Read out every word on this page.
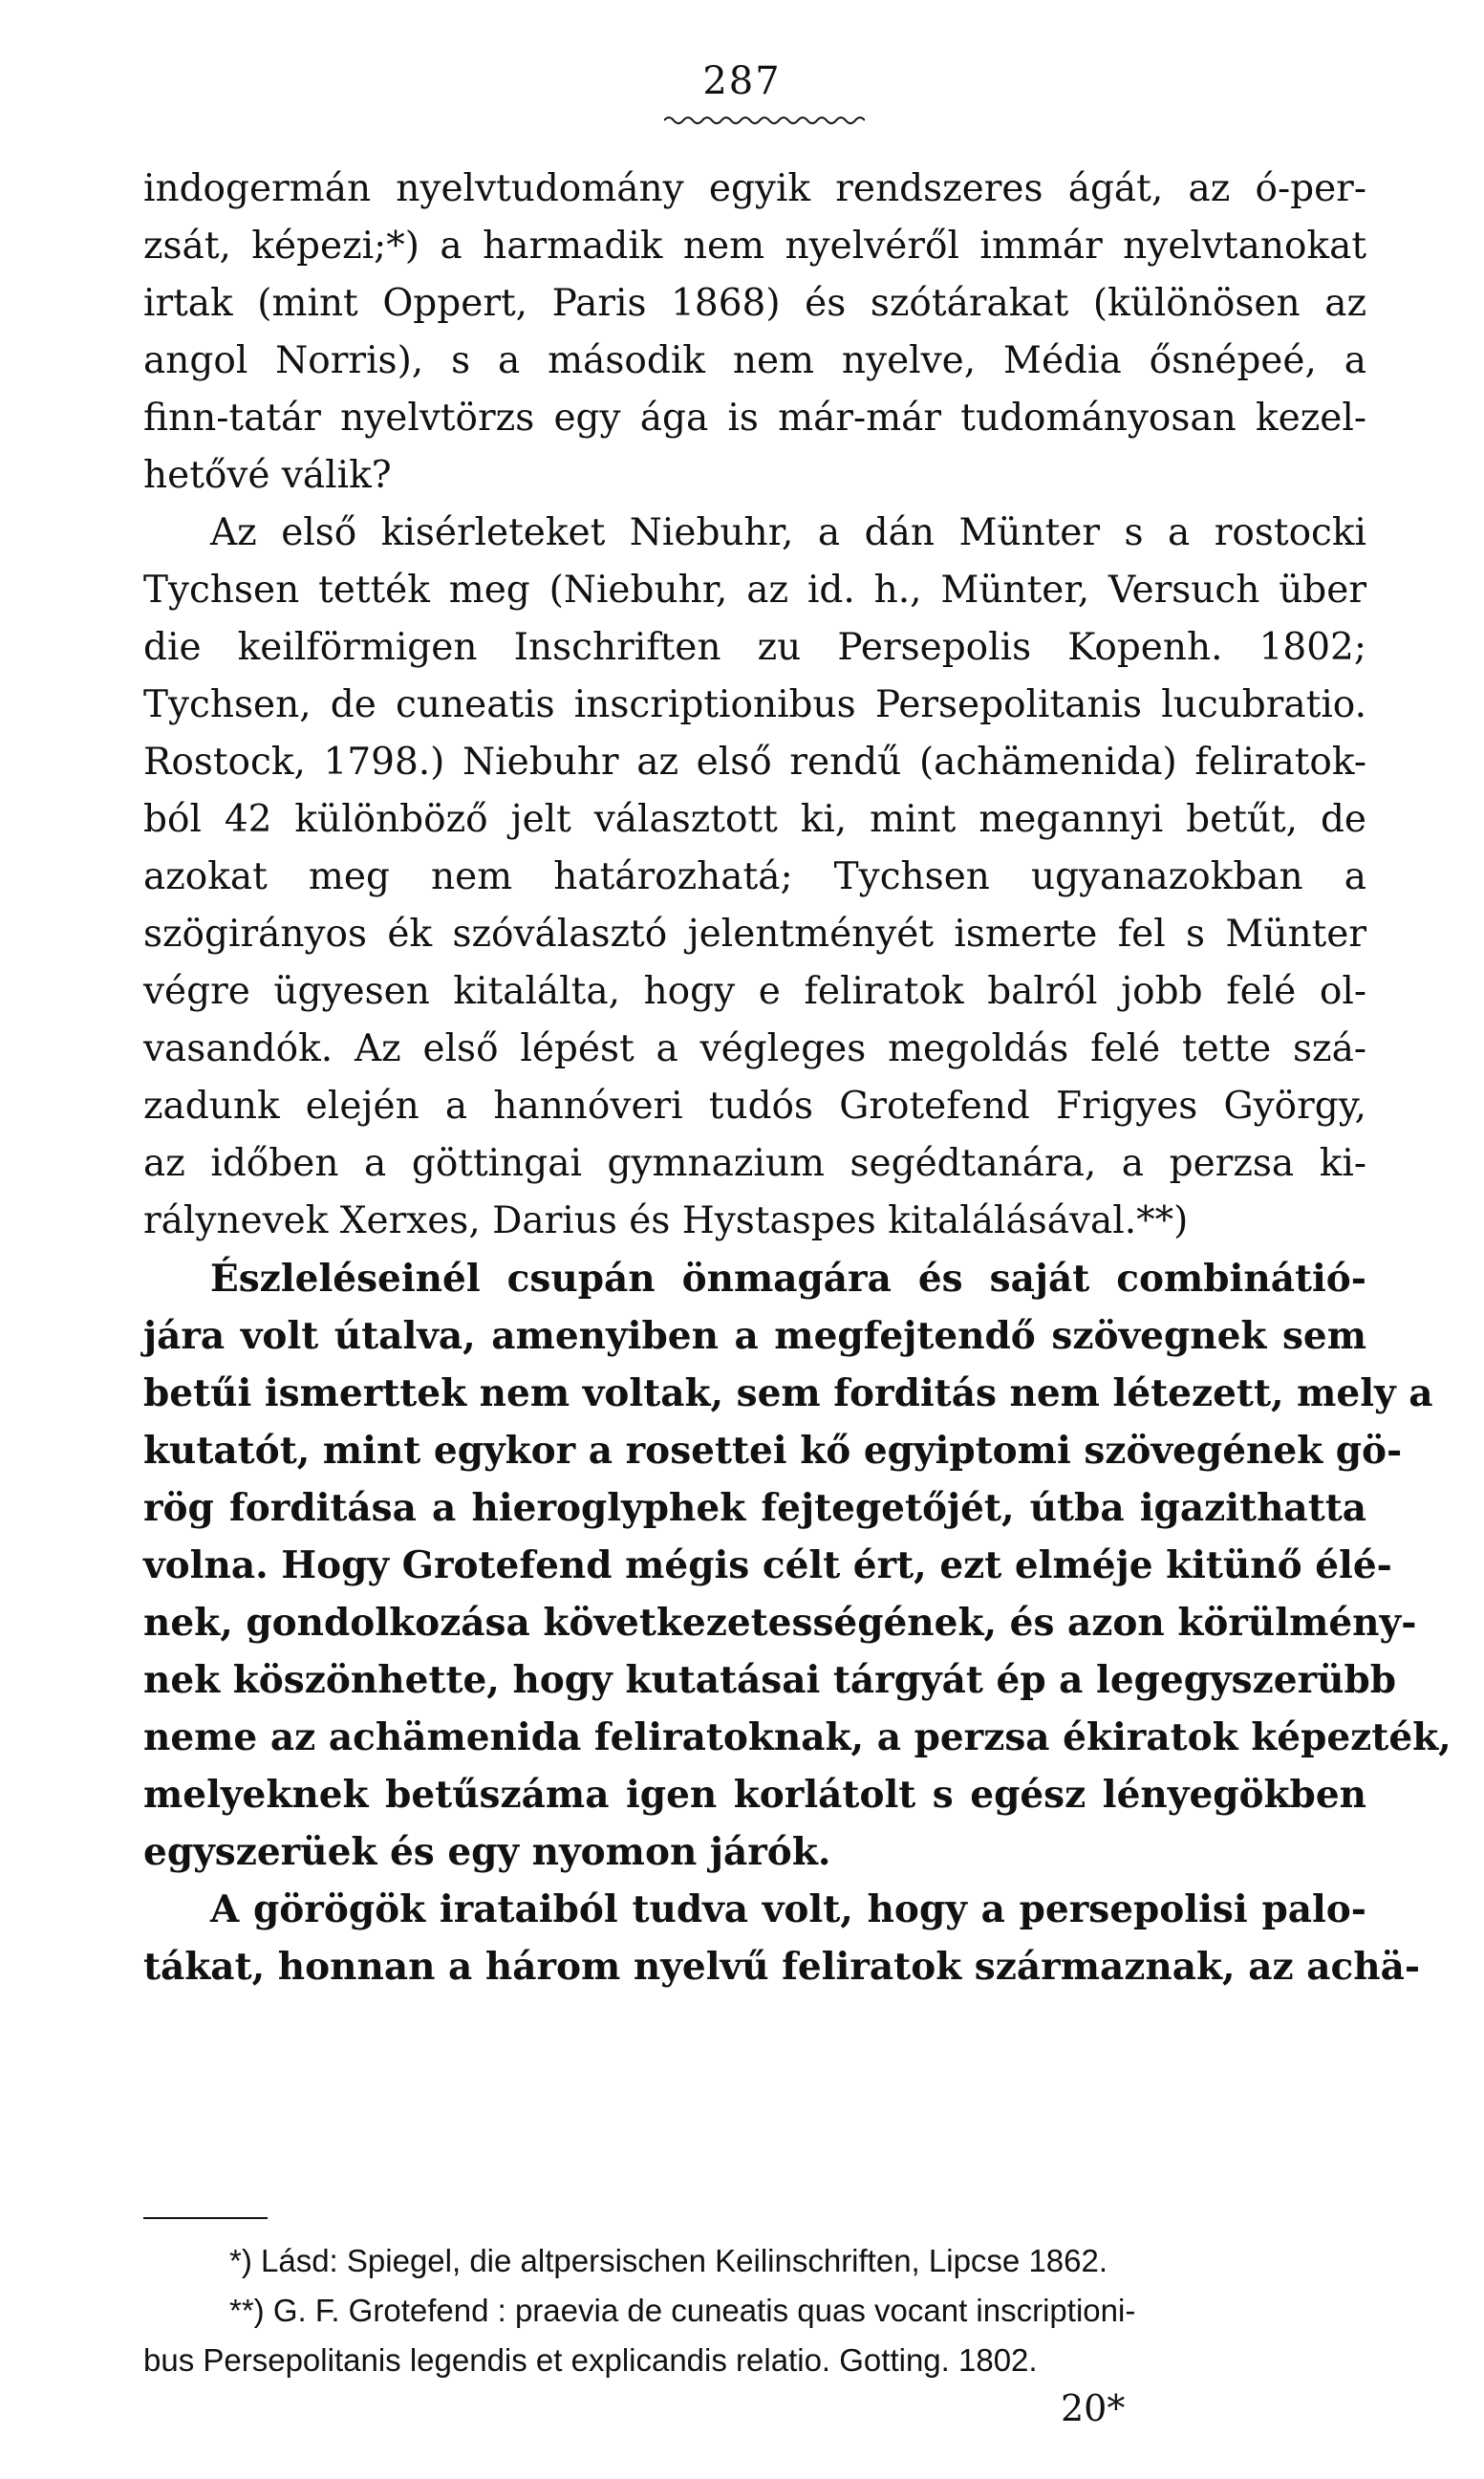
287
indogermán nyelvtudomány egyik rendszeres ágát, az ó-per-
zsát, képezi;*) a harmadik nem nyelvéről immár nyelvtanokat
irtak (mint Oppert, Paris 1868) és szótárakat (különösen az
angol Norris), s a második nem nyelve, Média ősnépeé, a
finn-tatár nyelvtörzs egy ága is már-már tudományosan kezel-
hetővé válik?
Az első kisérleteket Niebuhr, a dán Münter s a rostocki
Tychsen tették meg (Niebuhr, az id. h., Münter, Versuch über
die keilförmigen Inschriften zu Persepolis Kopenh. 1802;
Tychsen, de cuneatis inscriptionibus Persepolitanis lucubratio.
Rostock, 1798.) Niebuhr az első rendű (achämenida) feliratok-
ból 42 különböző jelt választott ki, mint megannyi betűt, de
azokat meg nem határozhatá; Tychsen ugyanazokban a
szögirányos ék szóválasztó jelentményét ismerte fel s Münter
végre ügyesen kitalálta, hogy e feliratok balról jobb felé ol-
vasandók. Az első lépést a végleges megoldás felé tette szá-
zadunk elején a hannóveri tudós Grotefend Frigyes György,
az időben a göttingai gymnazium segédtanára, a perzsa ki-
rálynevek Xerxes, Darius és Hystaspes kitalálásával.**)
Észleléseinél csupán önmagára és saját combinátió-
jára volt útalva, amenyiben a megfejtendő szövegnek sem
betűi ismerttek nem voltak, sem forditás nem létezett, mely a
kutatót, mint egykor a rosettei kő egyiptomi szövegének gö-
rög forditása a hieroglyphek fejtegetőjét, útba igazithatta
volna. Hogy Grotefend mégis célt ért, ezt elméje kitünő élé-
nek, gondolkozása következetességének, és azon körülmény-
nek köszönhette, hogy kutatásai tárgyát ép a legegyszerübb
neme az achämenida feliratoknak, a perzsa ékiratok képezték,
melyeknek betűszáma igen korlátolt s egész lényegökben
egyszerüek és egy nyomon járók.
A görögök irataiból tudva volt, hogy a persepolisi palo-
tákat, honnan a három nyelvű feliratok származnak, az achä-
*) Lásd: Spiegel, die altpersischen Keilinschriften, Lipcse 1862.
**) G. F. Grotefend : praevia de cuneatis quas vocant inscriptioni-
bus Persepolitanis legendis et explicandis relatio. Gotting. 1802.
20*
